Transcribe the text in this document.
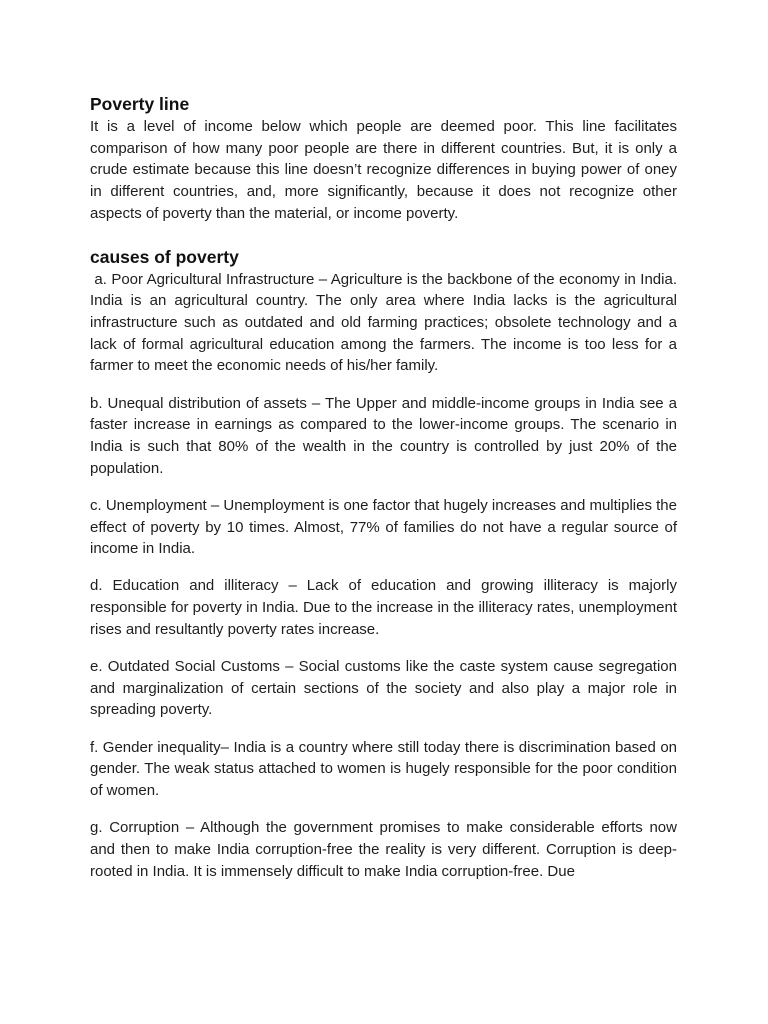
Poverty line

It is a level of income below which people are deemed poor. This line facilitates comparison of how many poor people are there in different countries. But, it is only a crude estimate because this line doesn’t recognize differences in buying power of oney in different countries, and, more significantly, because it does not recognize other aspects of poverty than the material, or income poverty.

causes of poverty

a. Poor Agricultural Infrastructure – Agriculture is the backbone of the economy in India. India is an agricultural country. The only area where India lacks is the agricultural infrastructure such as outdated and old farming practices; obsolete technology and a lack of formal agricultural education among the farmers. The income is too less for a farmer to meet the economic needs of his/her family.

b. Unequal distribution of assets – The Upper and middle-income groups in India see a faster increase in earnings as compared to the lower-income groups. The scenario in India is such that 80% of the wealth in the country is controlled by just 20% of the population.

c. Unemployment – Unemployment is one factor that hugely increases and multiplies the effect of poverty by 10 times. Almost, 77% of families do not have a regular source of income in India.

d. Education and illiteracy – Lack of education and growing illiteracy is majorly responsible for poverty in India. Due to the increase in the illiteracy rates, unemployment rises and resultantly poverty rates increase.

e. Outdated Social Customs – Social customs like the caste system cause segregation and marginalization of certain sections of the society and also play a major role in spreading poverty.

f. Gender inequality– India is a country where still today there is discrimination based on gender. The weak status attached to women is hugely responsible for the poor condition of women.

g. Corruption – Although the government promises to make considerable efforts now and then to make India corruption-free the reality is very different. Corruption is deep-rooted in India. It is immensely difficult to make India corruption-free. Due
